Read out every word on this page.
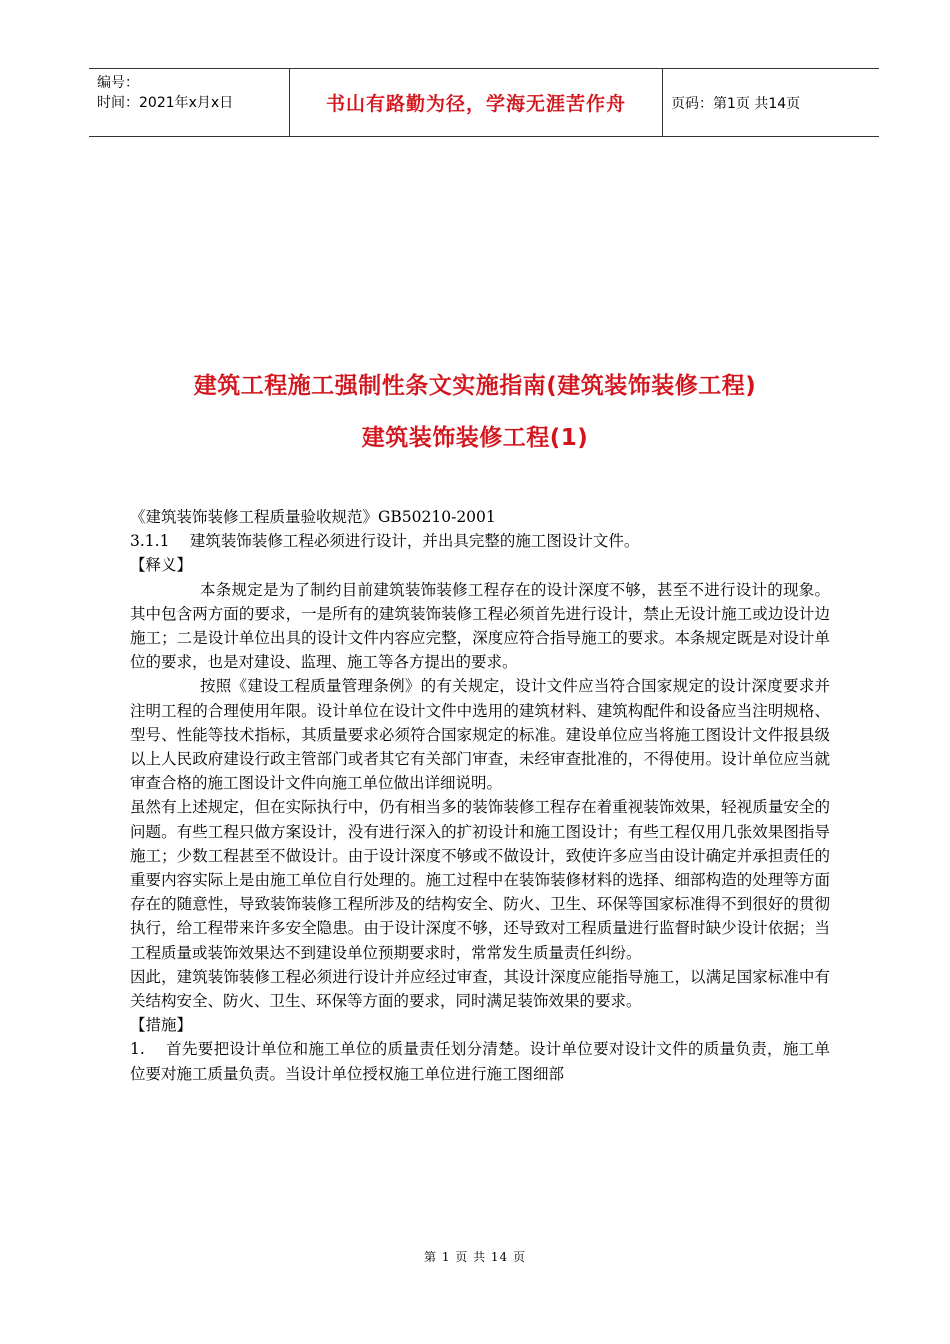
编号：
时间：2021年x月x日	书山有路勤为径，学海无涯苦作舟	页码：第1页 共14页
建筑工程施工强制性条文实施指南(建筑装饰装修工程)
建筑装饰装修工程(1)

《建筑装饰装修工程质量验收规范》GB50210-2001

3.1.1　 建筑装饰装修工程必须进行设计，并出具完整的施工图设计文件。

【释义】

本条规定是为了制约目前建筑装饰装修工程存在的设计深度不够，甚至不进行设计的现象。其中包含两方面的要求，一是所有的建筑装饰装修工程必须首先进行设计，禁止无设计施工或边设计边施工；二是设计单位出具的设计文件内容应完整，深度应符合指导施工的要求。本条规定既是对设计单位的要求，也是对建设、监理、施工等各方提出的要求。

按照《建设工程质量管理条例》的有关规定，设计文件应当符合国家规定的设计深度要求并注明工程的合理使用年限。设计单位在设计文件中选用的建筑材料、建筑构配件和设备应当注明规格、型号、性能等技术指标，其质量要求必须符合国家规定的标准。建设单位应当将施工图设计文件报县级以上人民政府建设行政主管部门或者其它有关部门审查，未经审查批准的，不得使用。设计单位应当就审查合格的施工图设计文件向施工单位做出详细说明。

虽然有上述规定，但在实际执行中，仍有相当多的装饰装修工程存在着重视装饰效果，轻视质量安全的问题。有些工程只做方案设计，没有进行深入的扩初设计和施工图设计；有些工程仅用几张效果图指导施工；少数工程甚至不做设计。由于设计深度不够或不做设计，致使许多应当由设计确定并承担责任的重要内容实际上是由施工单位自行处理的。施工过程中在装饰装修材料的选择、细部构造的处理等方面存在的随意性，导致装饰装修工程所涉及的结构安全、防火、卫生、环保等国家标准得不到很好的贯彻执行，给工程带来许多安全隐患。由于设计深度不够，还导致对工程质量进行监督时缺少设计依据；当工程质量或装饰效果达不到建设单位预期要求时，常常发生质量责任纠纷。

因此，建筑装饰装修工程必须进行设计并应经过审查，其设计深度应能指导施工，以满足国家标准中有关结构安全、防火、卫生、环保等方面的要求，同时满足装饰效果的要求。

【措施】

1.　 首先要把设计单位和施工单位的质量责任划分清楚。设计单位要对设计文件的质量负责，施工单位要对施工质量负责。当设计单位授权施工单位进行施工图细部

第 1 页 共 14 页
